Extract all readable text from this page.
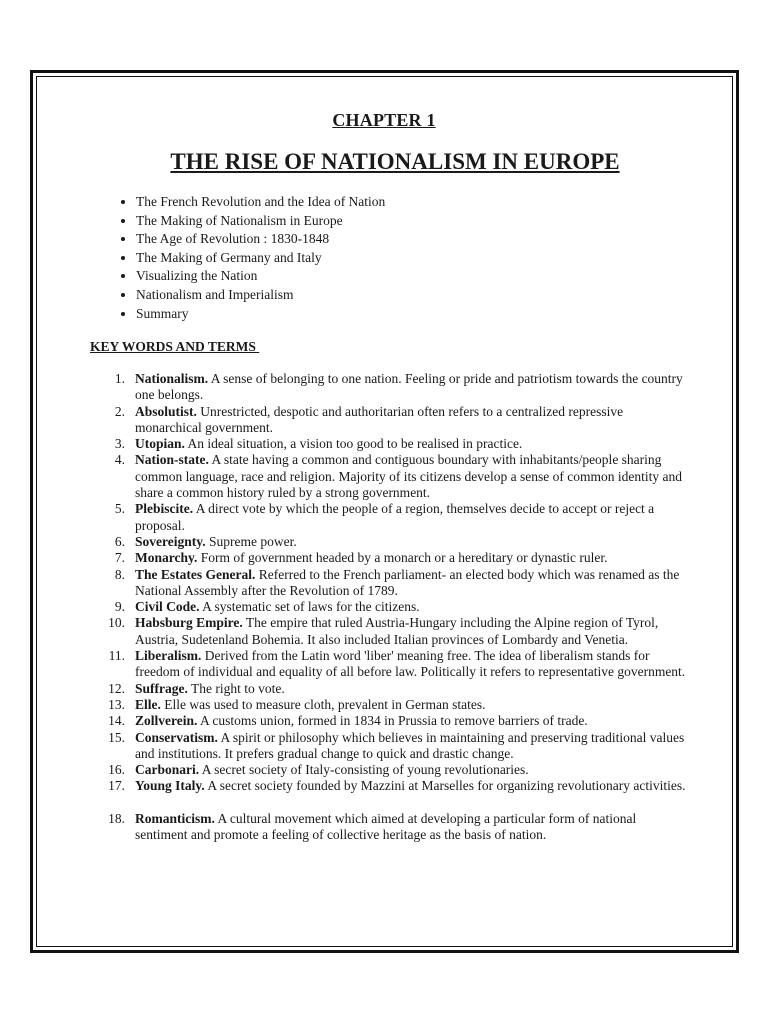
CHAPTER 1
THE RISE OF NATIONALISM IN EUROPE
• The French Revolution and the Idea of Nation
• The Making of Nationalism in Europe
• The Age of Revolution : 1830-1848
• The Making of Germany and Italy
• Visualizing the Nation
• Nationalism and Imperialism
• Summary
KEY WORDS AND TERMS
1. Nationalism. A sense of belonging to one nation. Feeling or pride and patriotism towards the country one belongs.
2. Absolutist. Unrestricted, despotic and authoritarian often refers to a centralized repressive monarchical government.
3. Utopian. An ideal situation, a vision too good to be realised in practice.
4. Nation-state. A state having a common and contiguous boundary with inhabitants/people sharing common language, race and religion. Majority of its citizens develop a sense of common identity and share a common history ruled by a strong government.
5. Plebiscite. A direct vote by which the people of a region, themselves decide to accept or reject a proposal.
6. Sovereignty. Supreme power.
7. Monarchy. Form of government headed by a monarch or a hereditary or dynastic ruler.
8. The Estates General. Referred to the French parliament- an elected body which was renamed as the National Assembly after the Revolution of 1789.
9. Civil Code. A systematic set of laws for the citizens.
10. Habsburg Empire. The empire that ruled Austria-Hungary including the Alpine region of Tyrol, Austria, Sudetenland Bohemia. It also included Italian provinces of Lombardy and Venetia.
11. Liberalism. Derived from the Latin word 'liber' meaning free. The idea of liberalism stands for freedom of individual and equality of all before law. Politically it refers to representative government.
12. Suffrage. The right to vote.
13. Elle. Elle was used to measure cloth, prevalent in German states.
14. Zollverein. A customs union, formed in 1834 in Prussia to remove barriers of trade.
15. Conservatism. A spirit or philosophy which believes in maintaining and preserving traditional values and institutions. It prefers gradual change to quick and drastic change.
16. Carbonari. A secret society of Italy-consisting of young revolutionaries.
17. Young Italy. A secret society founded by Mazzini at Marselles for organizing revolutionary activities.
18. Romanticism. A cultural movement which aimed at developing a particular form of national sentiment and promote a feeling of collective heritage as the basis of nation.
